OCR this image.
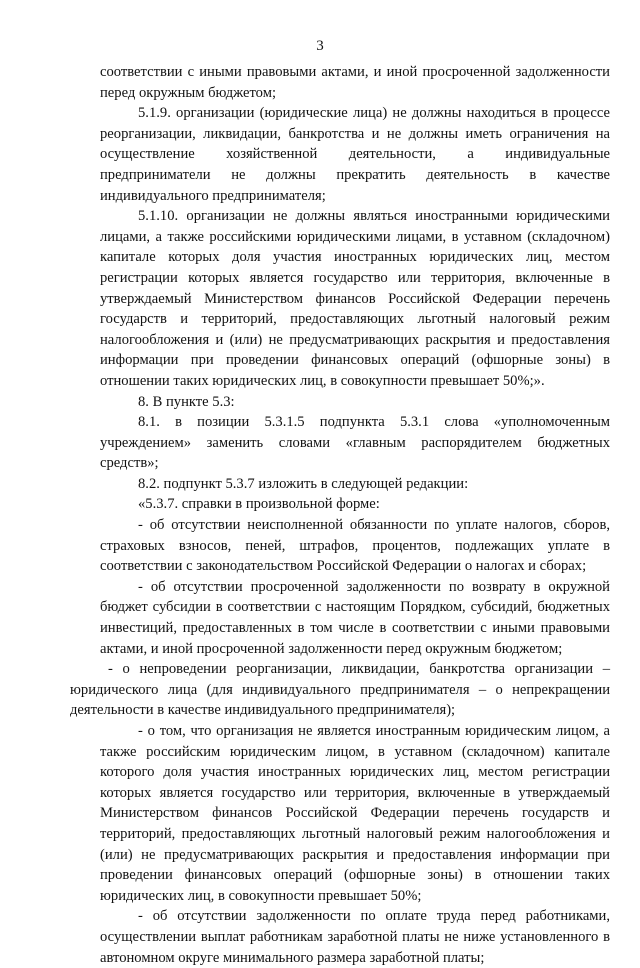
3

соответствии с иными правовыми актами, и иной просроченной задолженности перед окружным бюджетом;

5.1.9. организации (юридические лица) не должны находиться в процессе реорганизации, ликвидации, банкротства и не должны иметь ограничения на осуществление хозяйственной деятельности, а индивидуальные предприниматели не должны прекратить деятельность в качестве индивидуального предпринимателя;

5.1.10. организации не должны являться иностранными юридическими лицами, а также российскими юридическими лицами, в уставном (складочном) капитале которых доля участия иностранных юридических лиц, местом регистрации которых является государство или территория, включенные в утверждаемый Министерством финансов Российской Федерации перечень государств и территорий, предоставляющих льготный налоговый режим налогообложения и (или) не предусматривающих раскрытия и предоставления информации при проведении финансовых операций (офшорные зоны) в отношении таких юридических лиц, в совокупности превышает 50%;».

8. В пункте 5.3:

8.1. в позиции 5.3.1.5 подпункта 5.3.1 слова «уполномоченным учреждением» заменить словами «главным распорядителем бюджетных средств»;

8.2. подпункт 5.3.7 изложить в следующей редакции:

«5.3.7. справки в произвольной форме:

- об отсутствии неисполненной обязанности по уплате налогов, сборов, страховых взносов, пеней, штрафов, процентов, подлежащих уплате в соответствии с законодательством Российской Федерации о налогах и сборах;

- об отсутствии просроченной задолженности по возврату в окружной бюджет субсидии в соответствии с настоящим Порядком, субсидий, бюджетных инвестиций, предоставленных в том числе в соответствии с иными правовыми актами, и иной просроченной задолженности перед окружным бюджетом;

- о непроведении реорганизации, ликвидации, банкротства организации – юридического лица (для индивидуального предпринимателя – о непрекращении деятельности в качестве индивидуального предпринимателя);

- о том, что организация не является иностранным юридическим лицом, а также российским юридическим лицом, в уставном (складочном) капитале которого доля участия иностранных юридических лиц, местом регистрации которых является государство или территория, включенные в утверждаемый Министерством финансов Российской Федерации перечень государств и территорий, предоставляющих льготный налоговый режим налогообложения и (или) не предусматривающих раскрытия и предоставления информации при проведении финансовых операций (офшорные зоны) в отношении таких юридических лиц, в совокупности превышает 50%;

- об отсутствии задолженности по оплате труда перед работниками, осуществлении выплат работникам заработной платы не ниже установленного в автономном округе минимального размера заработной платы;
